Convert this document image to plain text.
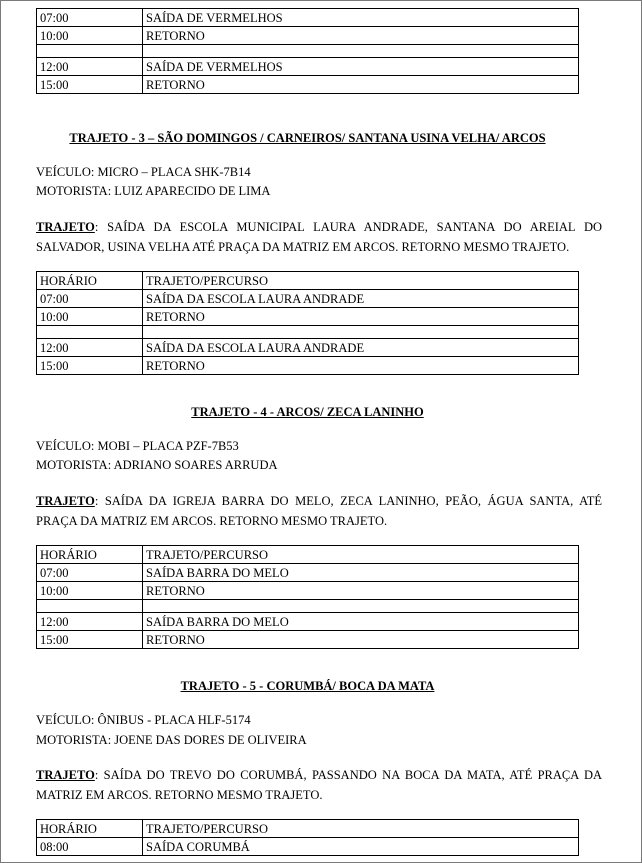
07:00	SAÍDA DE VERMELHOS
10:00	RETORNO

12:00	SAÍDA DE VERMELHOS
15:00	RETORNO
TRAJETO - 3 – SÃO DOMINGOS / CARNEIROS/ SANTANA USINA VELHA/ ARCOS
VEÍCULO: MICRO – PLACA SHK-7B14
MOTORISTA: LUIZ APARECIDO DE LIMA
TRAJETO: SAÍDA DA ESCOLA MUNICIPAL LAURA ANDRADE, SANTANA DO AREIAL DO SALVADOR, USINA VELHA ATÉ PRAÇA DA MATRIZ EM ARCOS. RETORNO MESMO TRAJETO.
HORÁRIO	TRAJETO/PERCURSO
07:00	SAÍDA DA ESCOLA LAURA ANDRADE
10:00	RETORNO

12:00	SAÍDA DA ESCOLA LAURA ANDRADE
15:00	RETORNO
TRAJETO - 4 - ARCOS/ ZECA LANINHO
VEÍCULO: MOBI – PLACA PZF-7B53
MOTORISTA: ADRIANO SOARES ARRUDA
TRAJETO: SAÍDA DA IGREJA BARRA DO MELO, ZECA LANINHO, PEÃO, ÁGUA SANTA, ATÉ PRAÇA DA MATRIZ EM ARCOS. RETORNO MESMO TRAJETO.
HORÁRIO	TRAJETO/PERCURSO
07:00	SAÍDA BARRA DO MELO
10:00	RETORNO

12:00	SAÍDA BARRA DO MELO
15:00	RETORNO
TRAJETO - 5 - CORUMBÁ/ BOCA DA MATA
VEÍCULO: ÔNIBUS - PLACA HLF-5174
MOTORISTA: JOENE DAS DORES DE OLIVEIRA
TRAJETO: SAÍDA DO TREVO DO CORUMBÁ, PASSANDO NA BOCA DA MATA, ATÉ PRAÇA DA MATRIZ EM ARCOS. RETORNO MESMO TRAJETO.
HORÁRIO	TRAJETO/PERCURSO
08:00	SAÍDA CORUMBÁ
